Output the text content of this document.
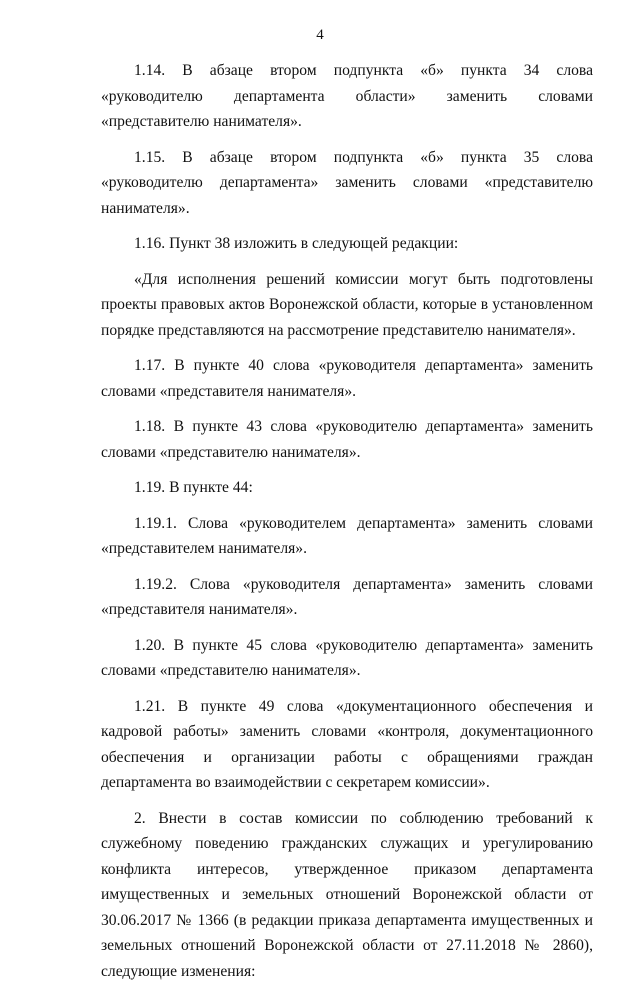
4

1.14. В абзаце втором подпункта «б» пункта 34 слова «руководителю департамента области» заменить словами «представителю нанимателя».

1.15. В абзаце втором подпункта «б» пункта 35 слова «руководителю департамента» заменить словами «представителю нанимателя».

1.16. Пункт 38 изложить в следующей редакции:

«Для исполнения решений комиссии могут быть подготовлены проекты правовых актов Воронежской области, которые в установленном порядке представляются на рассмотрение представителю нанимателя».

1.17. В пункте 40 слова «руководителя департамента» заменить словами «представителя нанимателя».

1.18. В пункте 43 слова «руководителю департамента» заменить словами «представителю нанимателя».

1.19. В пункте 44:

1.19.1. Слова «руководителем департамента» заменить словами «представителем нанимателя».

1.19.2. Слова «руководителя департамента» заменить словами «представителя нанимателя».

1.20. В пункте 45 слова «руководителю департамента» заменить словами «представителю нанимателя».

1.21. В пункте 49 слова «документационного обеспечения и кадровой работы» заменить словами «контроля, документационного обеспечения и организации работы с обращениями граждан департамента во взаимодействии с секретарем комиссии».

2. Внести в состав комиссии по соблюдению требований к служебному поведению гражданских служащих и урегулированию конфликта интересов, утвержденное приказом департамента имущественных и земельных отношений Воронежской области от 30.06.2017 № 1366 (в редакции приказа департамента имущественных и земельных отношений Воронежской области от 27.11.2018 № 2860), следующие изменения:
